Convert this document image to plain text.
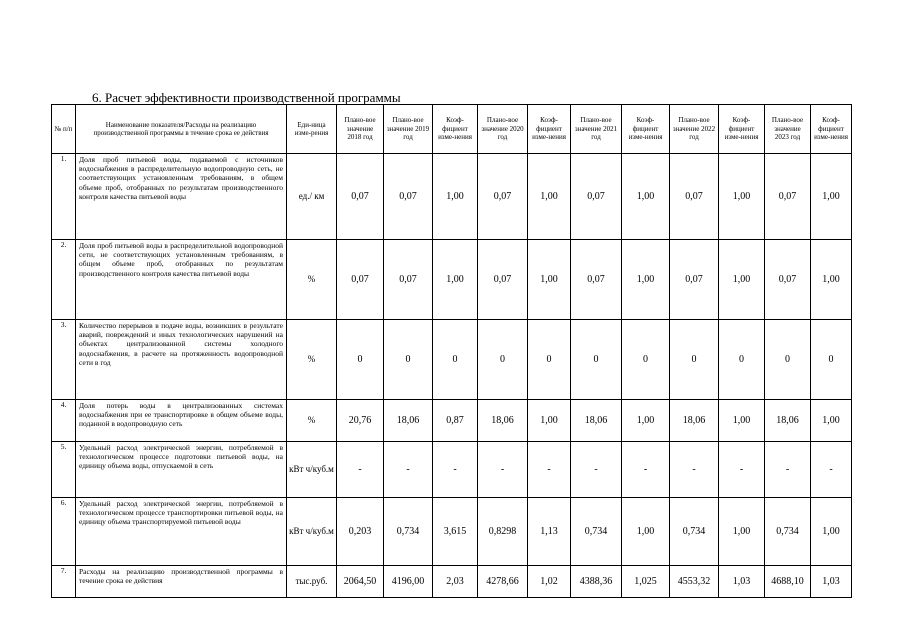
6. Расчет эффективности производственной программы
№ п/п	Наименование показателя/Расходы на реализацию производственной программы в течение срока ее действия	Еди-ница изме-рения	Плано-вое значение 2018 год	Плано-вое значение 2019 год	Коэф-фициент изме-нения	Плано-вое значение 2020 год	Коэф-фициент изме-нения	Плано-вое значение 2021 год	Коэф-фициент изме-нения	Плано-вое значение 2022 год	Коэф-фициент изме-нения	Плано-вое значение 2023 год	Коэф-фициент изме-нения
1.	Доля проб питьевой воды, подаваемой с источников водоснабжения в распределительную водопроводную сеть, не соответствующих установленным требованиям, в общем объеме проб, отобранных по результатам производственного контроля качества питьевой воды	ед./ км	0,07	0,07	1,00	0,07	1,00	0,07	1,00	0,07	1,00	0,07	1,00
2.	Доля проб питьевой воды в распределительной водопроводной сети, не соответствующих установленным требованиям, в общем объеме проб, отобранных по результатам производственного контроля качества питьевой воды	%	0,07	0,07	1,00	0,07	1,00	0,07	1,00	0,07	1,00	0,07	1,00
3.	Количество перерывов в подаче воды, возникших в результате аварий, повреждений и иных технологических нарушений на объектах централизованной системы холодного водоснабжения, в расчете на протяженность водопроводной сети в год	%	0	0	0	0	0	0	0	0	0	0	0
4.	Доля потерь воды в централизованных системах водоснабжения при ее транспортировке в общем объеме воды, поданной в водопроводную сеть	%	20,76	18,06	0,87	18,06	1,00	18,06	1,00	18,06	1,00	18,06	1,00
5.	Удельный расход электрической энергии, потребляемой в технологическом процессе подготовки питьевой воды, на единицу объема воды, отпускаемой в сеть	кВт ч/куб.м	-	-	-	-	-	-	-	-	-	-	-
6.	Удельный расход электрической энергии, потребляемой в технологическом процессе транспортировки питьевой воды, на единицу объема транспортируемой питьевой воды	кВт ч/куб.м	0,203	0,734	3,615	0,8298	1,13	0,734	1,00	0,734	1,00	0,734	1,00
7.	Расходы на реализацию производственной программы в течение срока ее действия	тыс.руб.	2064,50	4196,00	2,03	4278,66	1,02	4388,36	1,025	4553,32	1,03	4688,10	1,03
